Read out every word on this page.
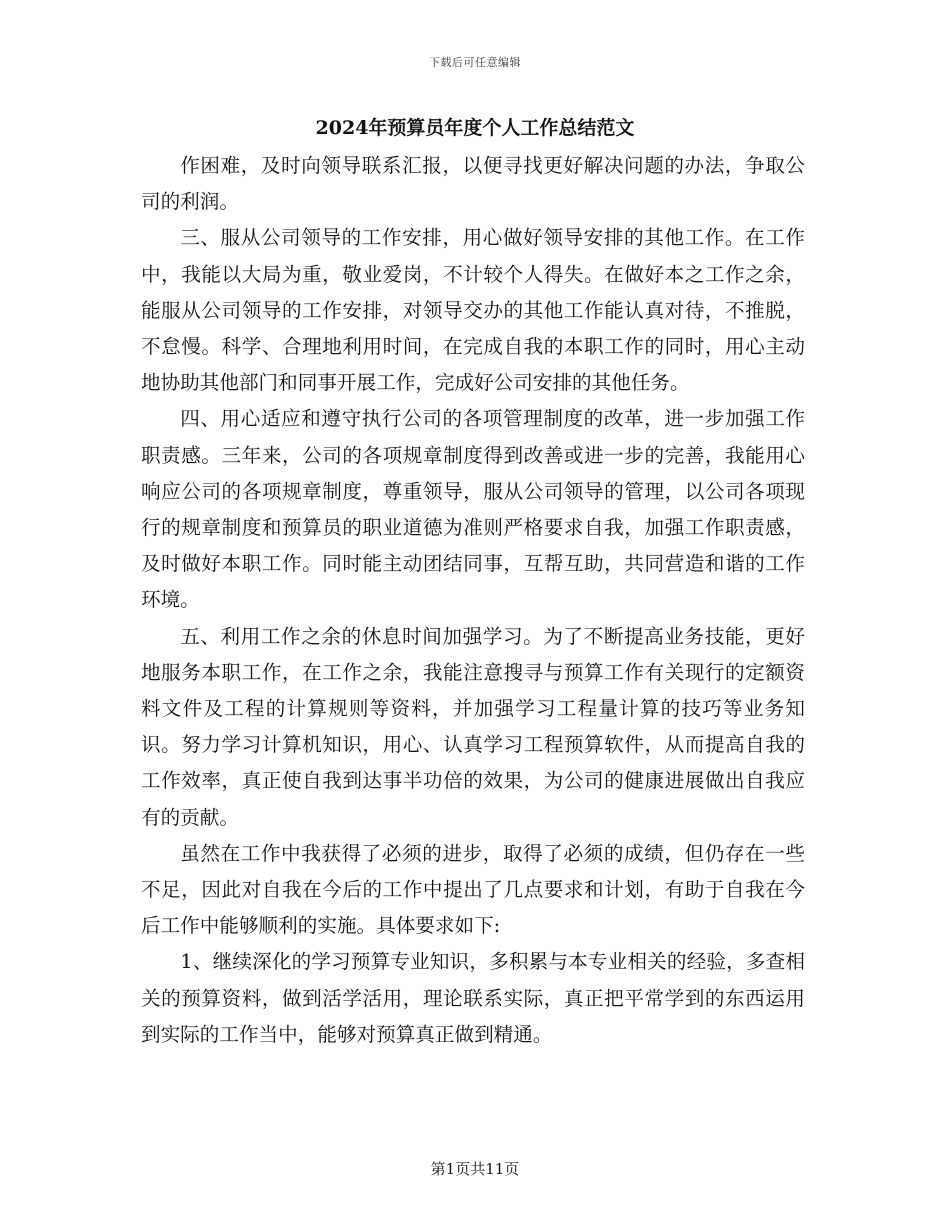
下载后可任意编辑
2024年预算员年度个人工作总结范文

作困难，及时向领导联系汇报，以便寻找更好解决问题的办法，争取公司的利润。

三、服从公司领导的工作安排，用心做好领导安排的其他工作。在工作中，我能以大局为重，敬业爱岗，不计较个人得失。在做好本之工作之余，能服从公司领导的工作安排，对领导交办的其他工作能认真对待，不推脱，不怠慢。科学、合理地利用时间，在完成自我的本职工作的同时，用心主动地协助其他部门和同事开展工作，完成好公司安排的其他任务。

四、用心适应和遵守执行公司的各项管理制度的改革，进一步加强工作职责感。三年来，公司的各项规章制度得到改善或进一步的完善，我能用心响应公司的各项规章制度，尊重领导，服从公司领导的管理，以公司各项现行的规章制度和预算员的职业道德为准则严格要求自我，加强工作职责感，及时做好本职工作。同时能主动团结同事，互帮互助，共同营造和谐的工作环境。

五、利用工作之余的休息时间加强学习。为了不断提高业务技能，更好地服务本职工作，在工作之余，我能注意搜寻与预算工作有关现行的定额资料文件及工程的计算规则等资料，并加强学习工程量计算的技巧等业务知识。努力学习计算机知识，用心、认真学习工程预算软件，从而提高自我的工作效率，真正使自我到达事半功倍的效果，为公司的健康进展做出自我应有的贡献。

虽然在工作中我获得了必须的进步，取得了必须的成绩，但仍存在一些不足，因此对自我在今后的工作中提出了几点要求和计划，有助于自我在今后工作中能够顺利的实施。具体要求如下:

1、继续深化的学习预算专业知识，多积累与本专业相关的经验，多查相关的预算资料，做到活学活用，理论联系实际，真正把平常学到的东西运用到实际的工作当中，能够对预算真正做到精通。

第1页共11页
